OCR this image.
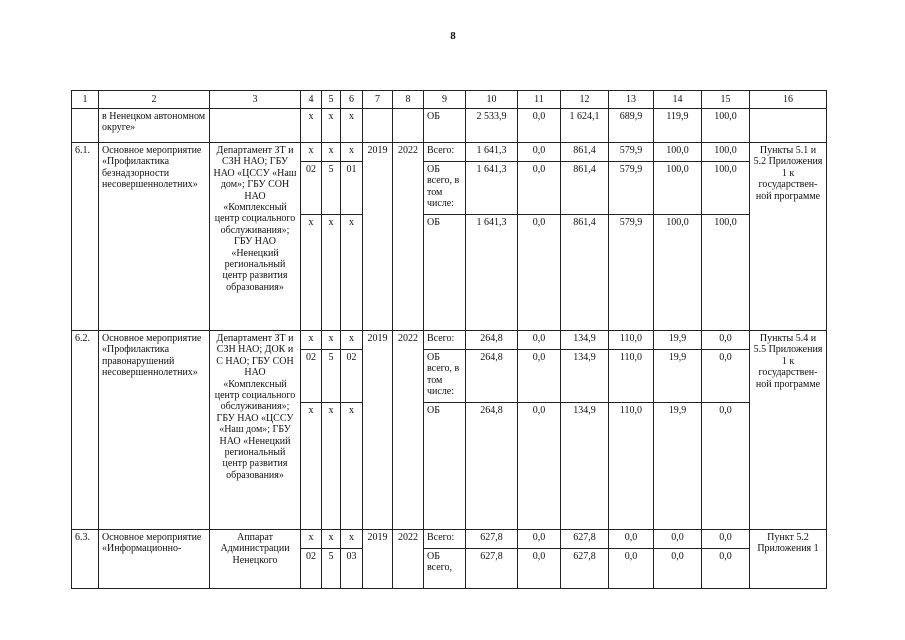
8
1	2	3	4	5	6	7	8	9	10	11	12	13	14	15	16
	в Ненецком автономном округе»		х	х	х			ОБ	2 533,9	0,0	1 624,1	689,9	119,9	100,0	
6.1.	Основное мероприятие «Профилактика безнадзорности несовершеннолетних»	Департамент ЗТ и СЗН НАО; ГБУ НАО «ЦССУ «Наш дом»; ГБУ СОН НАО «Комплексный центр социального обслуживания»; ГБУ НАО «Ненецкий региональный центр развития образования»	х	х	х	2019	2022	Всего:	1 641,3	0,0	861,4	579,9	100,0	100,0	Пункты 5.1 и 5.2 Приложения 1 к государствен-ной программе
			02	5	01			ОБ всего, в том числе:	1 641,3	0,0	861,4	579,9	100,0	100,0	
			х	х	х			ОБ	1 641,3	0,0	861,4	579,9	100,0	100,0	
6.2.	Основное мероприятие «Профилактика правонарушений несовершеннолетних»	Департамент ЗТ и СЗН НАО; ДОК и С НАО; ГБУ СОН НАО «Комплексный центр социального обслуживания»; ГБУ НАО «ЦССУ «Наш дом»; ГБУ НАО «Ненецкий региональный центр развития образования»	х	х	х	2019	2022	Всего:	264,8	0,0	134,9	110,0	19,9	0,0	Пункты 5.4 и 5.5 Приложения 1 к государствен-ной программе
			02	5	02			ОБ всего, в том числе:	264,8	0,0	134,9	110,0	19,9	0,0	
			х	х	х			ОБ	264,8	0,0	134,9	110,0	19,9	0,0	
6.3.	Основное мероприятие «Информационно-	Аппарат Администрации Ненецкого	х	х	х	2019	2022	Всего:	627,8	0,0	627,8	0,0	0,0	0,0	Пункт 5.2 Приложения 1
			02	5	03			ОБ всего,	627,8	0,0	627,8	0,0	0,0	0,0	
